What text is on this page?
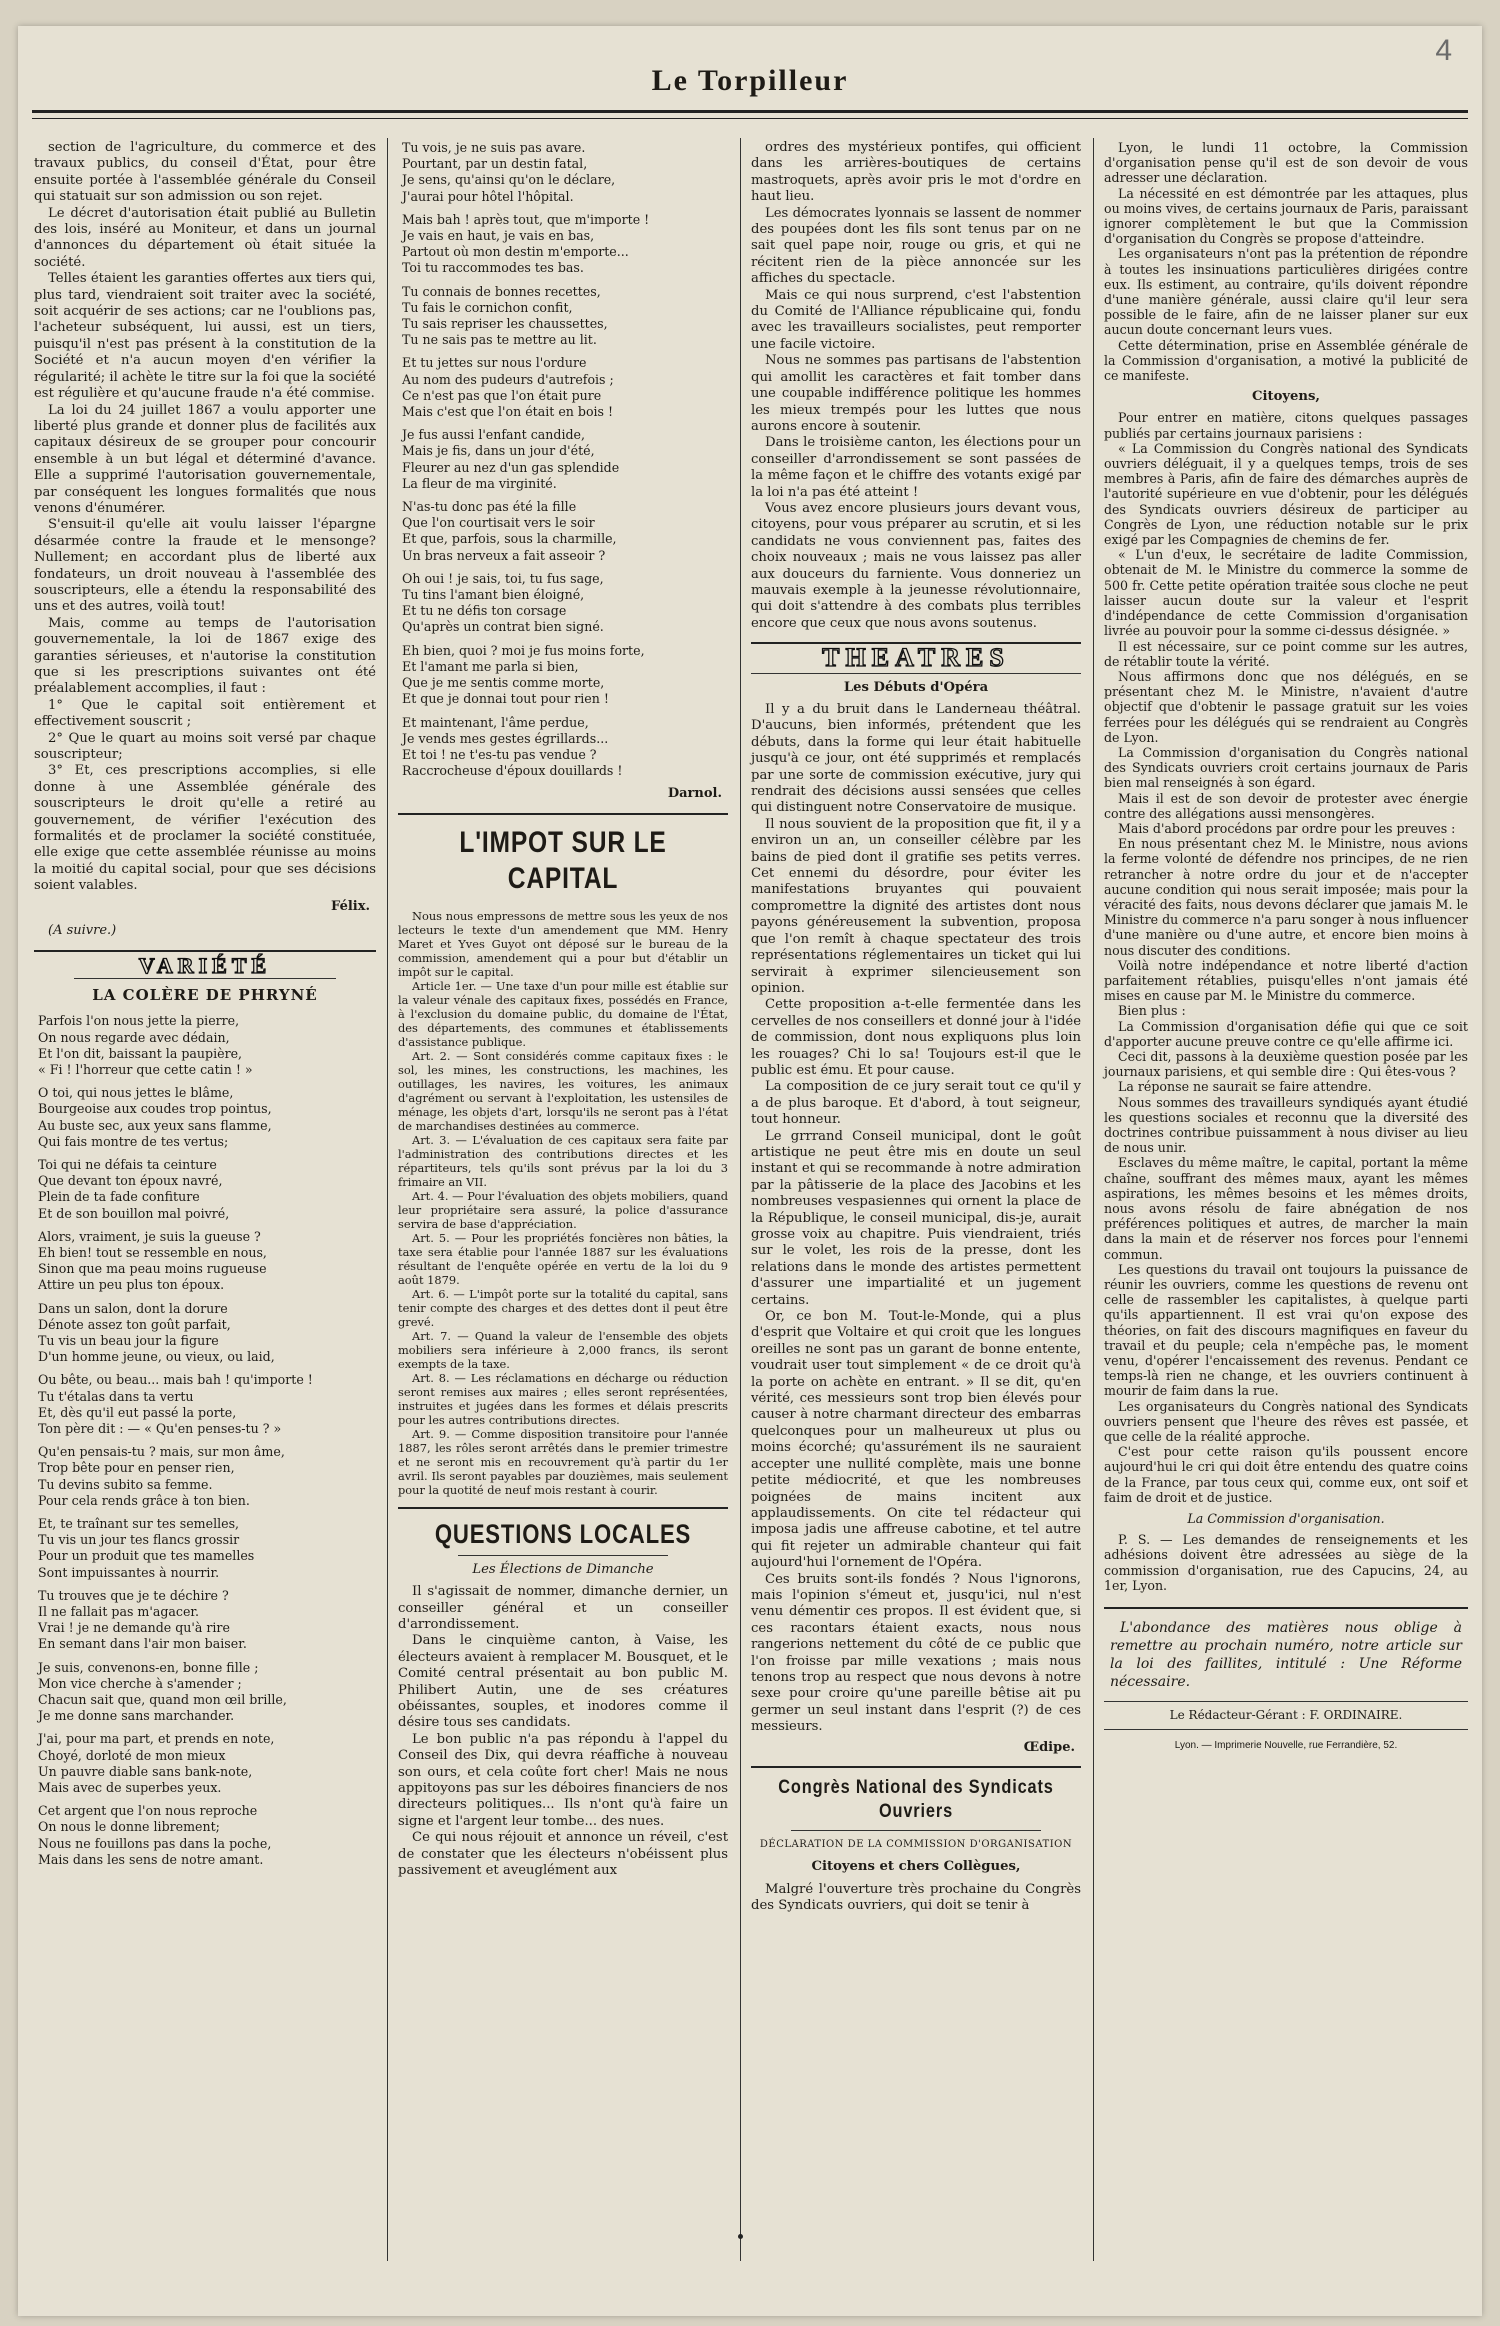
4
Le Torpilleur

section de l'agriculture, du commerce et des travaux publics, du conseil d'État, pour être ensuite portée à l'assemblée générale du Conseil qui statuait sur son admission ou son rejet.

Le décret d'autorisation était publié au Bulletin des lois, inséré au Moniteur, et dans un journal d'annonces du département où était située la société.

Telles étaient les garanties offertes aux tiers qui, plus tard, viendraient soit traiter avec la société, soit acquérir de ses actions; car ne l'oublions pas, l'acheteur subséquent, lui aussi, est un tiers, puisqu'il n'est pas présent à la constitution de la Société et n'a aucun moyen d'en vérifier la régularité; il achète le titre sur la foi que la société est régulière et qu'aucune fraude n'a été commise.

La loi du 24 juillet 1867 a voulu apporter une liberté plus grande et donner plus de facilités aux capitaux désireux de se grouper pour concourir ensemble à un but légal et déterminé d'avance. Elle a supprimé l'autorisation gouvernementale, par conséquent les longues formalités que nous venons d'énumérer.

S'ensuit-il qu'elle ait voulu laisser l'épargne désarmée contre la fraude et le mensonge? Nullement; en accordant plus de liberté aux fondateurs, un droit nouveau à l'assemblée des souscripteurs, elle a étendu la responsabilité des uns et des autres, voilà tout!

Mais, comme au temps de l'autorisation gouvernementale, la loi de 1867 exige des garanties sérieuses, et n'autorise la constitution que si les prescriptions suivantes ont été préalablement accomplies, il faut :

1° Que le capital soit entièrement et effectivement souscrit ;

2° Que le quart au moins soit versé par chaque souscripteur;

3° Et, ces prescriptions accomplies, si elle donne à une Assemblée générale des souscripteurs le droit qu'elle a retiré au gouvernement, de vérifier l'exécution des formalités et de proclamer la société constituée, elle exige que cette assemblée réunisse au moins la moitié du capital social, pour que ses décisions soient valables.

Félix.
(A suivre.)
VARIÉTÉ
LA COLÈRE DE PHRYNÉ
Parfois l'on nous jette la pierre,
On nous regarde avec dédain,
Et l'on dit, baissant la paupière,
« Fi ! l'horreur que cette catin ! »
O toi, qui nous jettes le blâme,
Bourgeoise aux coudes trop pointus,
Au buste sec, aux yeux sans flamme,
Qui fais montre de tes vertus;
Toi qui ne défais ta ceinture
Que devant ton époux navré,
Plein de ta fade confiture
Et de son bouillon mal poivré,
Alors, vraiment, je suis la gueuse ?
Eh bien! tout se ressemble en nous,
Sinon que ma peau moins rugueuse
Attire un peu plus ton époux.
Dans un salon, dont la dorure
Dénote assez ton goût parfait,
Tu vis un beau jour la figure
D'un homme jeune, ou vieux, ou laid,
Ou bête, ou beau... mais bah ! qu'importe !
Tu t'étalas dans ta vertu
Et, dès qu'il eut passé la porte,
Ton père dit : — « Qu'en penses-tu ? »
Qu'en pensais-tu ? mais, sur mon âme,
Trop bête pour en penser rien,
Tu devins subito sa femme.
Pour cela rends grâce à ton bien.
Et, te traînant sur tes semelles,
Tu vis un jour tes flancs grossir
Pour un produit que tes mamelles
Sont impuissantes à nourrir.
Tu trouves que je te déchire ?
Il ne fallait pas m'agacer.
Vrai ! je ne demande qu'à rire
En semant dans l'air mon baiser.
Je suis, convenons-en, bonne fille ;
Mon vice cherche à s'amender ;
Chacun sait que, quand mon œil brille,
Je me donne sans marchander.
J'ai, pour ma part, et prends en note,
Choyé, dorloté de mon mieux
Un pauvre diable sans bank-note,
Mais avec de superbes yeux.
Cet argent que l'on nous reproche
On nous le donne librement;
Nous ne fouillons pas dans la poche,
Mais dans les sens de notre amant.
Tu vois, je ne suis pas avare.
Pourtant, par un destin fatal,
Je sens, qu'ainsi qu'on le déclare,
J'aurai pour hôtel l'hôpital.
Mais bah ! après tout, que m'importe !
Je vais en haut, je vais en bas,
Partout où mon destin m'emporte...
Toi tu raccommodes tes bas.
Tu connais de bonnes recettes,
Tu fais le cornichon confit,
Tu sais repriser les chaussettes,
Tu ne sais pas te mettre au lit.
Et tu jettes sur nous l'ordure
Au nom des pudeurs d'autrefois ;
Ce n'est pas que l'on était pure
Mais c'est que l'on était en bois !
Je fus aussi l'enfant candide,
Mais je fis, dans un jour d'été,
Fleurer au nez d'un gas splendide
La fleur de ma virginité.
N'as-tu donc pas été la fille
Que l'on courtisait vers le soir
Et que, parfois, sous la charmille,
Un bras nerveux a fait asseoir ?
Oh oui ! je sais, toi, tu fus sage,
Tu tins l'amant bien éloigné,
Et tu ne défis ton corsage
Qu'après un contrat bien signé.
Eh bien, quoi ? moi je fus moins forte,
Et l'amant me parla si bien,
Que je me sentis comme morte,
Et que je donnai tout pour rien !
Et maintenant, l'âme perdue,
Je vends mes gestes égrillards...
Et toi ! ne t'es-tu pas vendue ?
Raccrocheuse d'époux douillards !
Darnol.
L'IMPOT SUR LE CAPITAL

Nous nous empressons de mettre sous les yeux de nos lecteurs le texte d'un amendement que MM. Henry Maret et Yves Guyot ont déposé sur le bureau de la commission, amendement qui a pour but d'établir un impôt sur le capital.

Article 1er. — Une taxe d'un pour mille est établie sur la valeur vénale des capitaux fixes, possédés en France, à l'exclusion du domaine public, du domaine de l'État, des départements, des communes et établissements d'assistance publique.

Art. 2. — Sont considérés comme capitaux fixes : le sol, les mines, les constructions, les machines, les outillages, les navires, les voitures, les animaux d'agrément ou servant à l'exploitation, les ustensiles de ménage, les objets d'art, lorsqu'ils ne seront pas à l'état de marchandises destinées au commerce.

Art. 3. — L'évaluation de ces capitaux sera faite par l'administration des contributions directes et les répartiteurs, tels qu'ils sont prévus par la loi du 3 frimaire an VII.

Art. 4. — Pour l'évaluation des objets mobiliers, quand leur propriétaire sera assuré, la police d'assurance servira de base d'appréciation.

Art. 5. — Pour les propriétés foncières non bâties, la taxe sera établie pour l'année 1887 sur les évaluations résultant de l'enquête opérée en vertu de la loi du 9 août 1879.

Art. 6. — L'impôt porte sur la totalité du capital, sans tenir compte des charges et des dettes dont il peut être grevé.

Art. 7. — Quand la valeur de l'ensemble des objets mobiliers sera inférieure à 2,000 francs, ils seront exempts de la taxe.

Art. 8. — Les réclamations en décharge ou réduction seront remises aux maires ; elles seront représentées, instruites et jugées dans les formes et délais prescrits pour les autres contributions directes.

Art. 9. — Comme disposition transitoire pour l'année 1887, les rôles seront arrêtés dans le premier trimestre et ne seront mis en recouvrement qu'à partir du 1er avril. Ils seront payables par douzièmes, mais seulement pour la quotité de neuf mois restant à courir.

QUESTIONS LOCALES
Les Élections de Dimanche

Il s'agissait de nommer, dimanche dernier, un conseiller général et un conseiller d'arrondissement.

Dans le cinquième canton, à Vaise, les électeurs avaient à remplacer M. Bousquet, et le Comité central présentait au bon public M. Philibert Autin, une de ses créatures obéissantes, souples, et inodores comme il désire tous ses candidats.

Le bon public n'a pas répondu à l'appel du Conseil des Dix, qui devra réaffiche à nouveau son ours, et cela coûte fort cher! Mais ne nous appitoyons pas sur les déboires financiers de nos directeurs politiques... Ils n'ont qu'à faire un signe et l'argent leur tombe... des nues.

Ce qui nous réjouit et annonce un réveil, c'est de constater que les électeurs n'obéissent plus passivement et aveuglément aux

ordres des mystérieux pontifes, qui officient dans les arrières-boutiques de certains mastroquets, après avoir pris le mot d'ordre en haut lieu.

Les démocrates lyonnais se lassent de nommer des poupées dont les fils sont tenus par on ne sait quel pape noir, rouge ou gris, et qui ne récitent rien de la pièce annoncée sur les affiches du spectacle.

Mais ce qui nous surprend, c'est l'abstention du Comité de l'Alliance républicaine qui, fondu avec les travailleurs socialistes, peut remporter une facile victoire.

Nous ne sommes pas partisans de l'abstention qui amollit les caractères et fait tomber dans une coupable indifférence politique les hommes les mieux trempés pour les luttes que nous aurons encore à soutenir.

Dans le troisième canton, les élections pour un conseiller d'arrondissement se sont passées de la même façon et le chiffre des votants exigé par la loi n'a pas été atteint !

Vous avez encore plusieurs jours devant vous, citoyens, pour vous préparer au scrutin, et si les candidats ne vous conviennent pas, faites des choix nouveaux ; mais ne vous laissez pas aller aux douceurs du farniente. Vous donneriez un mauvais exemple à la jeunesse révolutionnaire, qui doit s'attendre à des combats plus terribles encore que ceux que nous avons soutenus.

THEATRES
Les Débuts d'Opéra

Il y a du bruit dans le Landerneau théâtral. D'aucuns, bien informés, prétendent que les débuts, dans la forme qui leur était habituelle jusqu'à ce jour, ont été supprimés et remplacés par une sorte de commission exécutive, jury qui rendrait des décisions aussi sensées que celles qui distinguent notre Conservatoire de musique.

Il nous souvient de la proposition que fit, il y a environ un an, un conseiller célèbre par les bains de pied dont il gratifie ses petits verres. Cet ennemi du désordre, pour éviter les manifestations bruyantes qui pouvaient compromettre la dignité des artistes dont nous payons généreusement la subvention, proposa que l'on remît à chaque spectateur des trois représentations réglementaires un ticket qui lui servirait à exprimer silencieusement son opinion.

Cette proposition a-t-elle fermentée dans les cervelles de nos conseillers et donné jour à l'idée de commission, dont nous expliquons plus loin les rouages? Chi lo sa! Toujours est-il que le public est ému. Et pour cause.

La composition de ce jury serait tout ce qu'il y a de plus baroque. Et d'abord, à tout seigneur, tout honneur.

Le grrrand Conseil municipal, dont le goût artistique ne peut être mis en doute un seul instant et qui se recommande à notre admiration par la pâtisserie de la place des Jacobins et les nombreuses vespasiennes qui ornent la place de la République, le conseil municipal, dis-je, aurait grosse voix au chapitre. Puis viendraient, triés sur le volet, les rois de la presse, dont les relations dans le monde des artistes permettent d'assurer une impartialité et un jugement certains.

Or, ce bon M. Tout-le-Monde, qui a plus d'esprit que Voltaire et qui croit que les longues oreilles ne sont pas un garant de bonne entente, voudrait user tout simplement « de ce droit qu'à la porte on achète en entrant. » Il se dit, qu'en vérité, ces messieurs sont trop bien élevés pour causer à notre charmant directeur des embarras quelconques pour un malheureux ut plus ou moins écorché; qu'assurément ils ne sauraient accepter une nullité complète, mais une bonne petite médiocrité, et que les nombreuses poignées de mains incitent aux applaudissements. On cite tel rédacteur qui imposa jadis une affreuse cabotine, et tel autre qui fit rejeter un admirable chanteur qui fait aujourd'hui l'ornement de l'Opéra.

Ces bruits sont-ils fondés ? Nous l'ignorons, mais l'opinion s'émeut et, jusqu'ici, nul n'est venu démentir ces propos. Il est évident que, si ces racontars étaient exacts, nous nous rangerions nettement du côté de ce public que l'on froisse par mille vexations ; mais nous tenons trop au respect que nous devons à notre sexe pour croire qu'une pareille bêtise ait pu germer un seul instant dans l'esprit (?) de ces messieurs.

Œdipe.
Congrès National des Syndicats Ouvriers
DÉCLARATION DE LA COMMISSION D'ORGANISATION
Citoyens et chers Collègues,

Malgré l'ouverture très prochaine du Congrès des Syndicats ouvriers, qui doit se tenir à

Lyon, le lundi 11 octobre, la Commission d'organisation pense qu'il est de son devoir de vous adresser une déclaration.

La nécessité en est démontrée par les attaques, plus ou moins vives, de certains journaux de Paris, paraissant ignorer complètement le but que la Commission d'organisation du Congrès se propose d'atteindre.

Les organisateurs n'ont pas la prétention de répondre à toutes les insinuations particulières dirigées contre eux. Ils estiment, au contraire, qu'ils doivent répondre d'une manière générale, aussi claire qu'il leur sera possible de le faire, afin de ne laisser planer sur eux aucun doute concernant leurs vues.

Cette détermination, prise en Assemblée générale de la Commission d'organisation, a motivé la publicité de ce manifeste.

Citoyens,

Pour entrer en matière, citons quelques passages publiés par certains journaux parisiens :

« La Commission du Congrès national des Syndicats ouvriers déléguait, il y a quelques temps, trois de ses membres à Paris, afin de faire des démarches auprès de l'autorité supérieure en vue d'obtenir, pour les délégués des Syndicats ouvriers désireux de participer au Congrès de Lyon, une réduction notable sur le prix exigé par les Compagnies de chemins de fer.

« L'un d'eux, le secrétaire de ladite Commission, obtenait de M. le Ministre du commerce la somme de 500 fr. Cette petite opération traitée sous cloche ne peut laisser aucun doute sur la valeur et l'esprit d'indépendance de cette Commission d'organisation livrée au pouvoir pour la somme ci-dessus désignée. »

Il est nécessaire, sur ce point comme sur les autres, de rétablir toute la vérité.

Nous affirmons donc que nos délégués, en se présentant chez M. le Ministre, n'avaient d'autre objectif que d'obtenir le passage gratuit sur les voies ferrées pour les délégués qui se rendraient au Congrès de Lyon.

La Commission d'organisation du Congrès national des Syndicats ouvriers croit certains journaux de Paris bien mal renseignés à son égard.

Mais il est de son devoir de protester avec énergie contre des allégations aussi mensongères.

Mais d'abord procédons par ordre pour les preuves :

En nous présentant chez M. le Ministre, nous avions la ferme volonté de défendre nos principes, de ne rien retrancher à notre ordre du jour et de n'accepter aucune condition qui nous serait imposée; mais pour la véracité des faits, nous devons déclarer que jamais M. le Ministre du commerce n'a paru songer à nous influencer d'une manière ou d'une autre, et encore bien moins à nous discuter des conditions.

Voilà notre indépendance et notre liberté d'action parfaitement rétablies, puisqu'elles n'ont jamais été mises en cause par M. le Ministre du commerce.

Bien plus :

La Commission d'organisation défie qui que ce soit d'apporter aucune preuve contre ce qu'elle affirme ici.

Ceci dit, passons à la deuxième question posée par les journaux parisiens, et qui semble dire : Qui êtes-vous ?

La réponse ne saurait se faire attendre.

Nous sommes des travailleurs syndiqués ayant étudié les questions sociales et reconnu que la diversité des doctrines contribue puissamment à nous diviser au lieu de nous unir.

Esclaves du même maître, le capital, portant la même chaîne, souffrant des mêmes maux, ayant les mêmes aspirations, les mêmes besoins et les mêmes droits, nous avons résolu de faire abnégation de nos préférences politiques et autres, de marcher la main dans la main et de réserver nos forces pour l'ennemi commun.

Les questions du travail ont toujours la puissance de réunir les ouvriers, comme les questions de revenu ont celle de rassembler les capitalistes, à quelque parti qu'ils appartiennent. Il est vrai qu'on expose des théories, on fait des discours magnifiques en faveur du travail et du peuple; cela n'empêche pas, le moment venu, d'opérer l'encaissement des revenus. Pendant ce temps-là rien ne change, et les ouvriers continuent à mourir de faim dans la rue.

Les organisateurs du Congrès national des Syndicats ouvriers pensent que l'heure des rêves est passée, et que celle de la réalité approche.

C'est pour cette raison qu'ils poussent encore aujourd'hui le cri qui doit être entendu des quatre coins de la France, par tous ceux qui, comme eux, ont soif et faim de droit et de justice.

La Commission d'organisation.

P. S. — Les demandes de renseignements et les adhésions doivent être adressées au siège de la commission d'organisation, rue des Capucins, 24, au 1er, Lyon.

L'abondance des matières nous oblige à remettre au prochain numéro, notre article sur la loi des faillites, intitulé : Une Réforme nécessaire.

Le Rédacteur-Gérant : F. ORDINAIRE.
Lyon. — Imprimerie Nouvelle, rue Ferrandière, 52.
